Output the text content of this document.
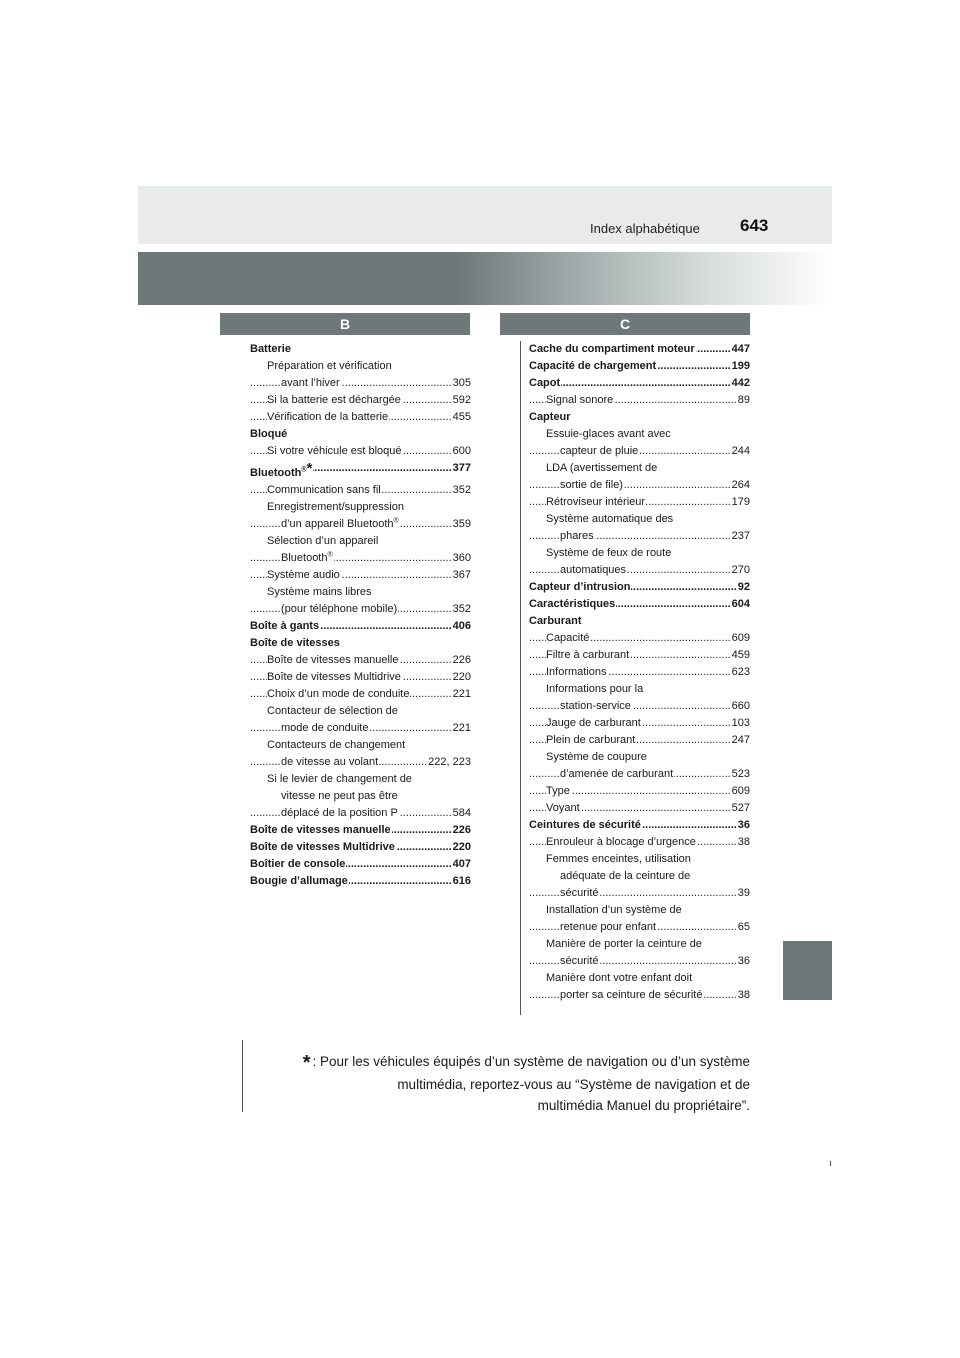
643
Index alphabétique
B	C
Batterie
Préparation et vérification
avant l’hiver	305
.....
Si la batterie est déchargée	592
.....
Vérification de la batterie	455
.....
Bloqué
Si votre véhicule est bloqué	600
.....
Bluetooth®*	377
.....
Communication sans fil	352
.....
Enregistrement/suppression
d’un appareil Bluetooth®	359
.....
Sélection d’un appareil
Bluetooth®	360
.....
Système audio	367
.....
Système mains libres
(pour téléphone mobile)	352
.....
Boîte à gants	406
.....
Boîte de vitesses
Boîte de vitesses manuelle	226
.....
Boîte de vitesses Multidrive	220
.....
Choix d’un mode de conduite	221
.....
Contacteur de sélection de
mode de conduite	221
.....
Contacteurs de changement
de vitesse au volant	222, 223
.....
Si le levier de changement de
vitesse ne peut pas être
déplacé de la position P	584
.....
Boîte de vitesses manuelle	226
.....
Boîte de vitesses Multidrive	220
.....
Boîtier de console	407
.....
Bougie d’allumage	616
.....
Cache du compartiment moteur	447
.....
Capacité de chargement	199
.....
Capot	442
.....
Signal sonore	89
.....
Capteur
Essuie-glaces avant avec
capteur de pluie	244
.....
LDA (avertissement de
sortie de file)	264
.....
Rétroviseur intérieur	179
.....
Système automatique des
phares	237
.....
Système de feux de route
automatiques	270
.....
Capteur d’intrusion	92
.....
Caractéristiques	604
.....
Carburant
Capacité	609
.....
Filtre à carburant	459
.....
Informations	623
.....
Informations pour la
station-service	660
.....
Jauge de carburant	103
.....
Plein de carburant	247
.....
Système de coupure
d’amenée de carburant	523
.....
Type	609
.....
Voyant	527
.....
Ceintures de sécurité	36
.....
Enrouleur à blocage d’urgence	38
.....
Femmes enceintes, utilisation
adéquate de la ceinture de
sécurité	39
.....
Installation d’un système de
retenue pour enfant	65
.....
Manière de porter la ceinture de
sécurité	36
.....
Manière dont votre enfant doit
porter sa ceinture de sécurité	38
.....
* : Pour les véhicules équipés d’un système de navigation ou d’un système
multimédia, reportez-vous au “Système de navigation et de
multimédia Manuel du propriétaire”.
